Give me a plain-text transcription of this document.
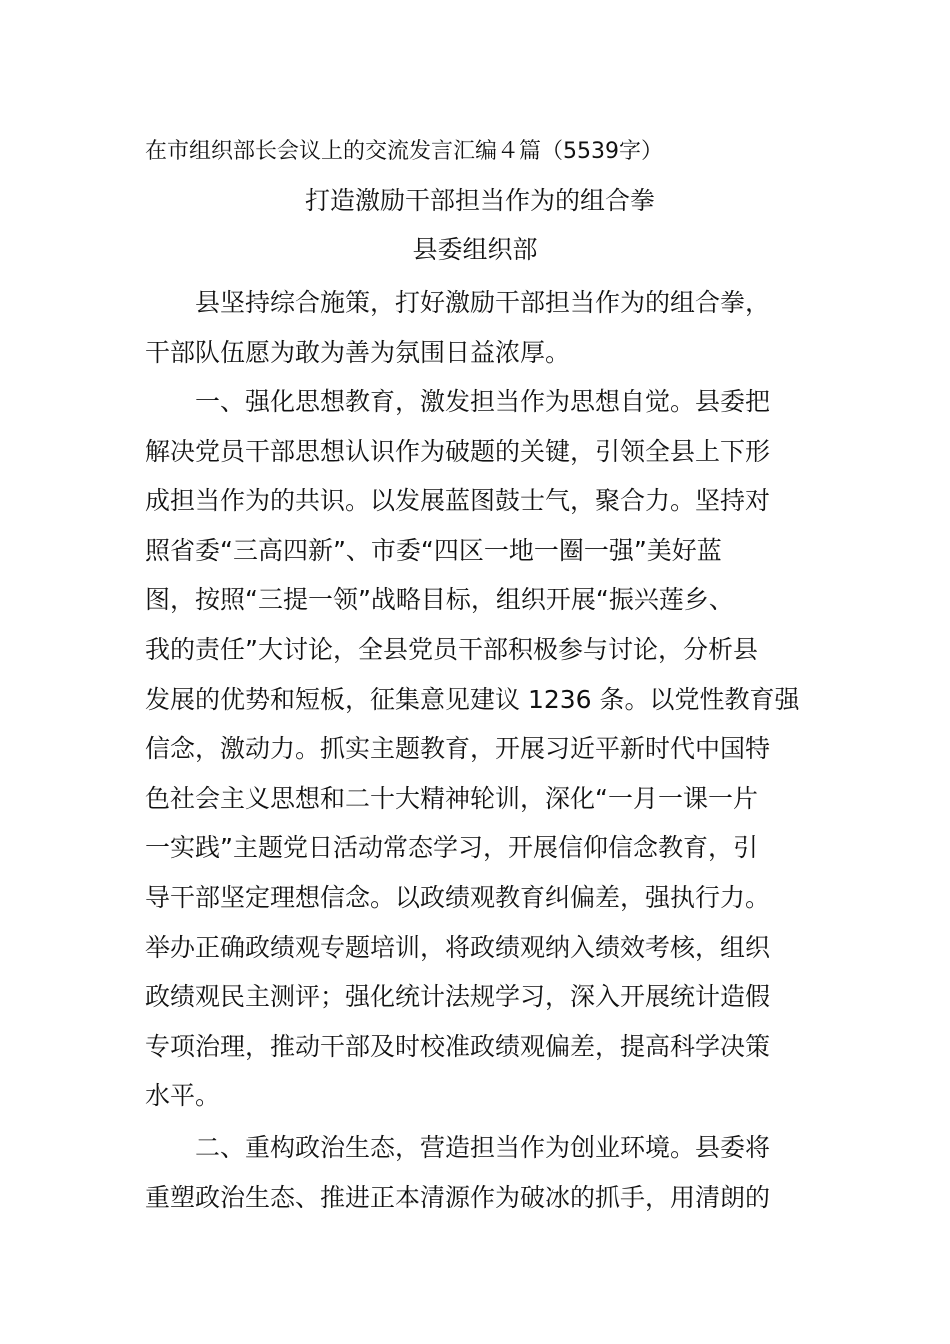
在市组织部长会议上的交流发言汇编４篇（5539字）
打造激励干部担当作为的组合拳
县委组织部
　　县坚持综合施策，打好激励干部担当作为的组合拳，
干部队伍愿为敢为善为氛围日益浓厚。
　　一、强化思想教育，激发担当作为思想自觉。县委把
解决党员干部思想认识作为破题的关键，引领全县上下形
成担当作为的共识。以发展蓝图鼓士气，聚合力。坚持对
照省委“三高四新”、市委“四区一地一圈一强”美好蓝
图，按照“三提一领”战略目标，组织开展“振兴莲乡、
我的责任”大讨论，全县党员干部积极参与讨论，分析县
发展的优势和短板，征集意见建议 1236 条。以党性教育强
信念，激动力。抓实主题教育，开展习近平新时代中国特
色社会主义思想和二十大精神轮训，深化“一月一课一片
一实践”主题党日活动常态学习，开展信仰信念教育，引
导干部坚定理想信念。以政绩观教育纠偏差，强执行力。
举办正确政绩观专题培训，将政绩观纳入绩效考核，组织
政绩观民主测评；强化统计法规学习，深入开展统计造假
专项治理，推动干部及时校准政绩观偏差，提高科学决策
水平。
　　二、重构政治生态，营造担当作为创业环境。县委将
重塑政治生态、推进正本清源作为破冰的抓手，用清朗的
